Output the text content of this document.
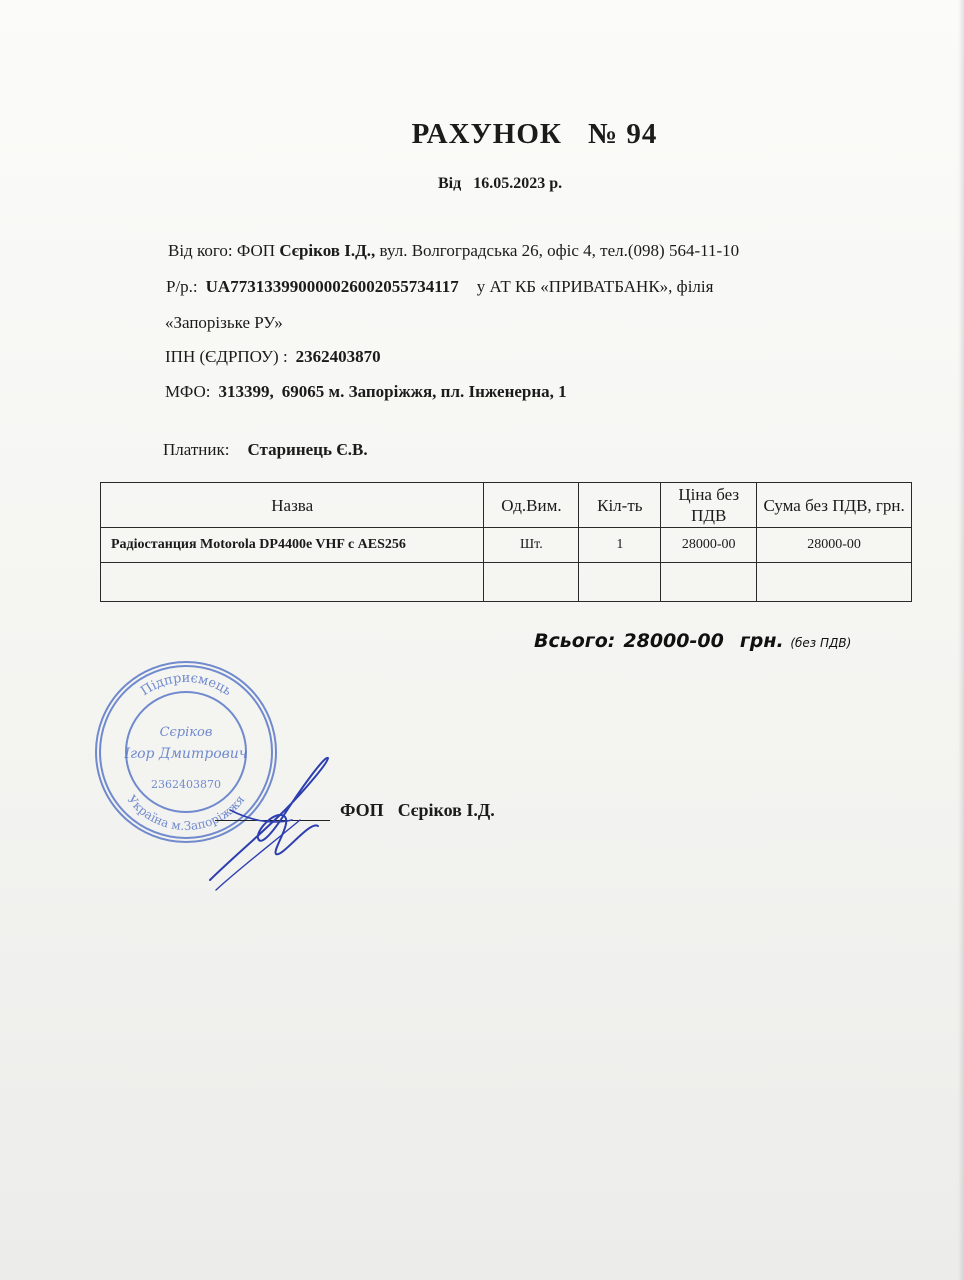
РАХУНОК № 94
Від 16.05.2023 р.
Від кого: ФОП Сєріков І.Д., вул. Волгоградська 26, офіс 4, тел.(098) 564-11-10
Р/р.: UA773133990000026002055734117 у АТ КБ «ПРИВАТБАНК», філія
«Запорізьке РУ»
ІПН (ЄДРПОУ) : 2362403870
МФО: 313399, 69065 м. Запоріжжя, пл. Інженерна, 1
Платник: Старинець Є.В.
Назва	Од.Вим.	Кіл-ть	Ціна без ПДВ	Сума без ПДВ, грн.
Радіостанция Motorola DP4400e VHF с AES256	Шт.	1	28000-00	28000-00

Всього: 28000-00 грн. (без ПДВ)
Підприємець
Україна м.Запоріжжя
Сєріков
Ігор Дмитрович
2362403870
ФОП Сєріков І.Д.
